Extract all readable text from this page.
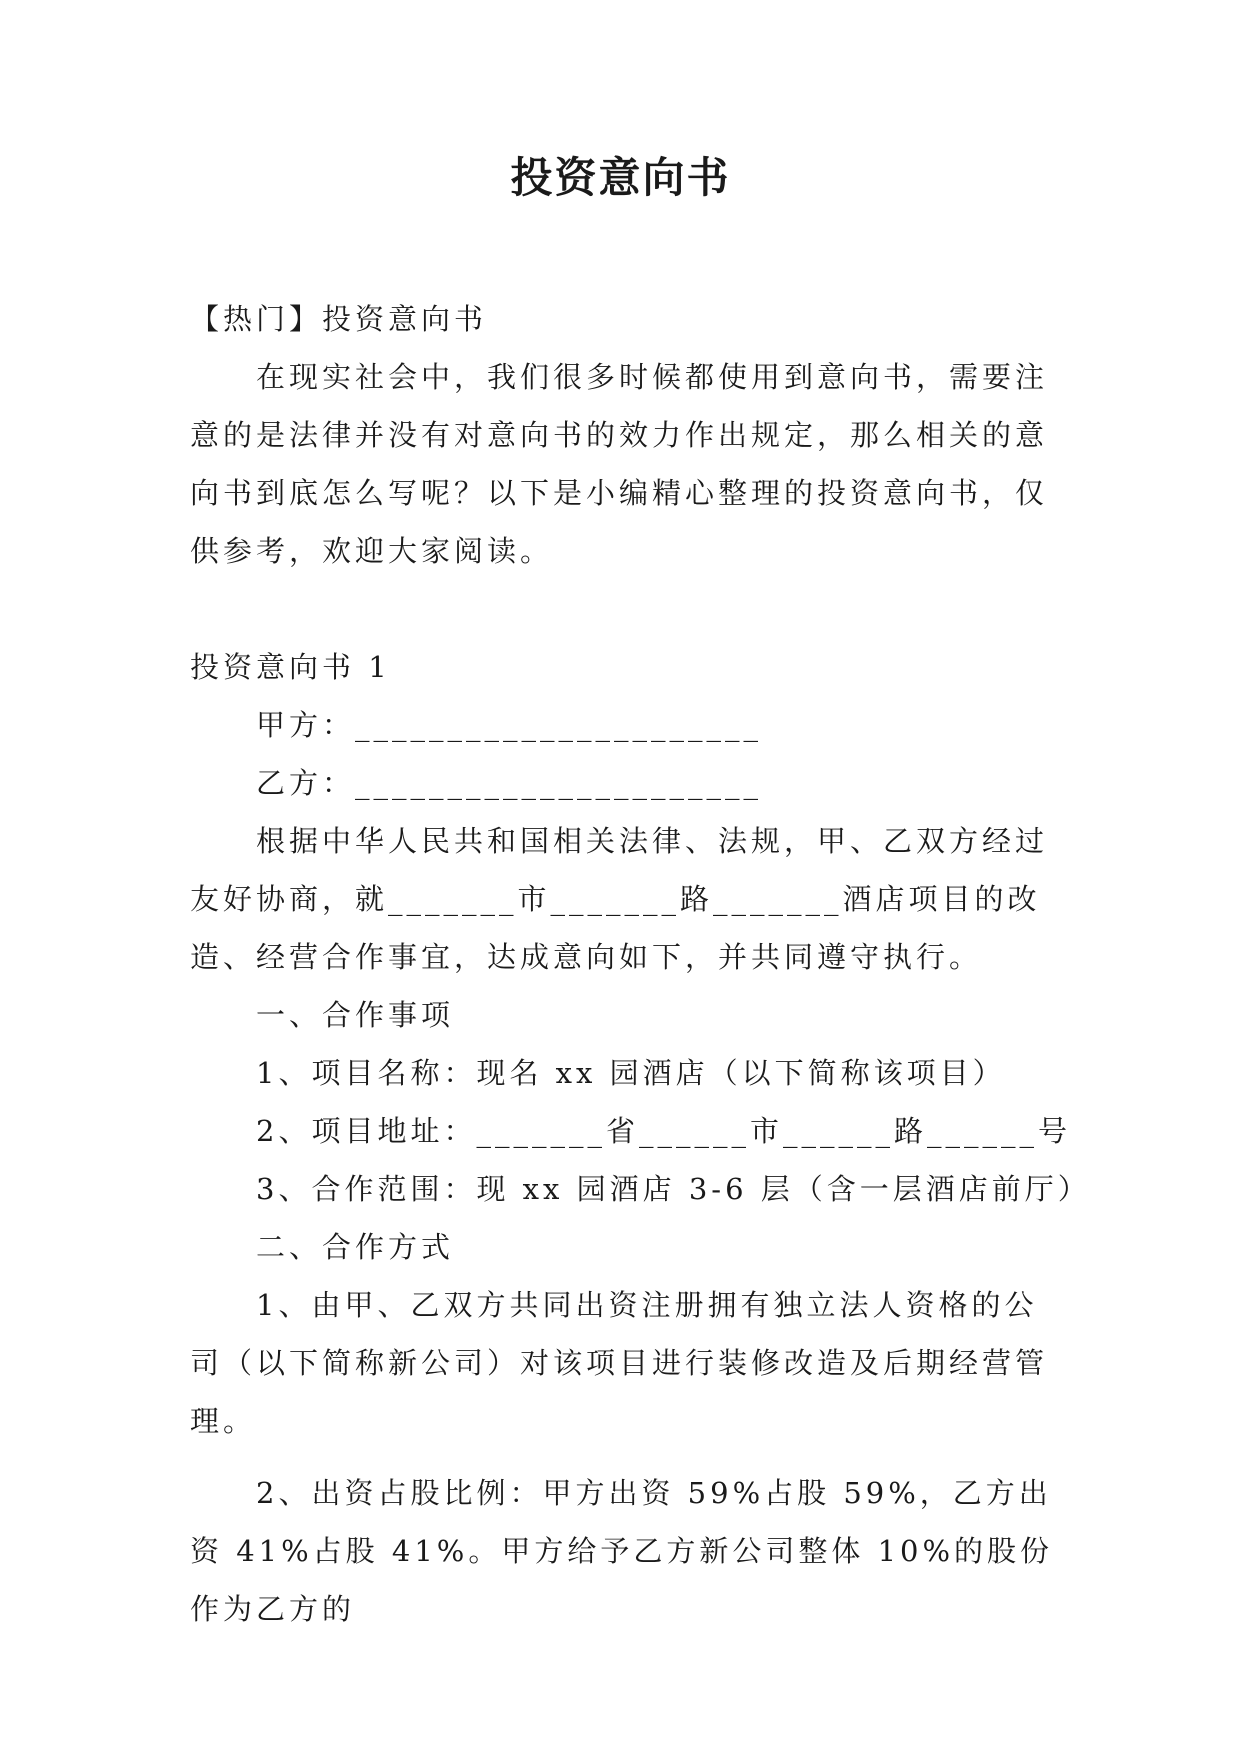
投资意向书

【热门】投资意向书

在现实社会中，我们很多时候都使用到意向书，需要注意的是法律并没有对意向书的效力作出规定，那么相关的意向书到底怎么写呢？以下是小编精心整理的投资意向书，仅供参考，欢迎大家阅读。

投资意向书 1

甲方：______________________

乙方：______________________

根据中华人民共和国相关法律、法规，甲、乙双方经过友好协商，就_______市_______路_______酒店项目的改造、经营合作事宜，达成意向如下，并共同遵守执行。

一、合作事项

1、项目名称：现名 xx 园酒店（以下简称该项目）

2、项目地址：_______省______市______路______号

3、合作范围：现 xx 园酒店 3-6 层（含一层酒店前厅）

二、合作方式

1、由甲、乙双方共同出资注册拥有独立法人资格的公司（以下简称新公司）对该项目进行装修改造及后期经营管理。

2、出资占股比例：甲方出资 59%占股 59%，乙方出资 41%占股 41%。甲方给予乙方新公司整体 10%的股份作为乙方的
